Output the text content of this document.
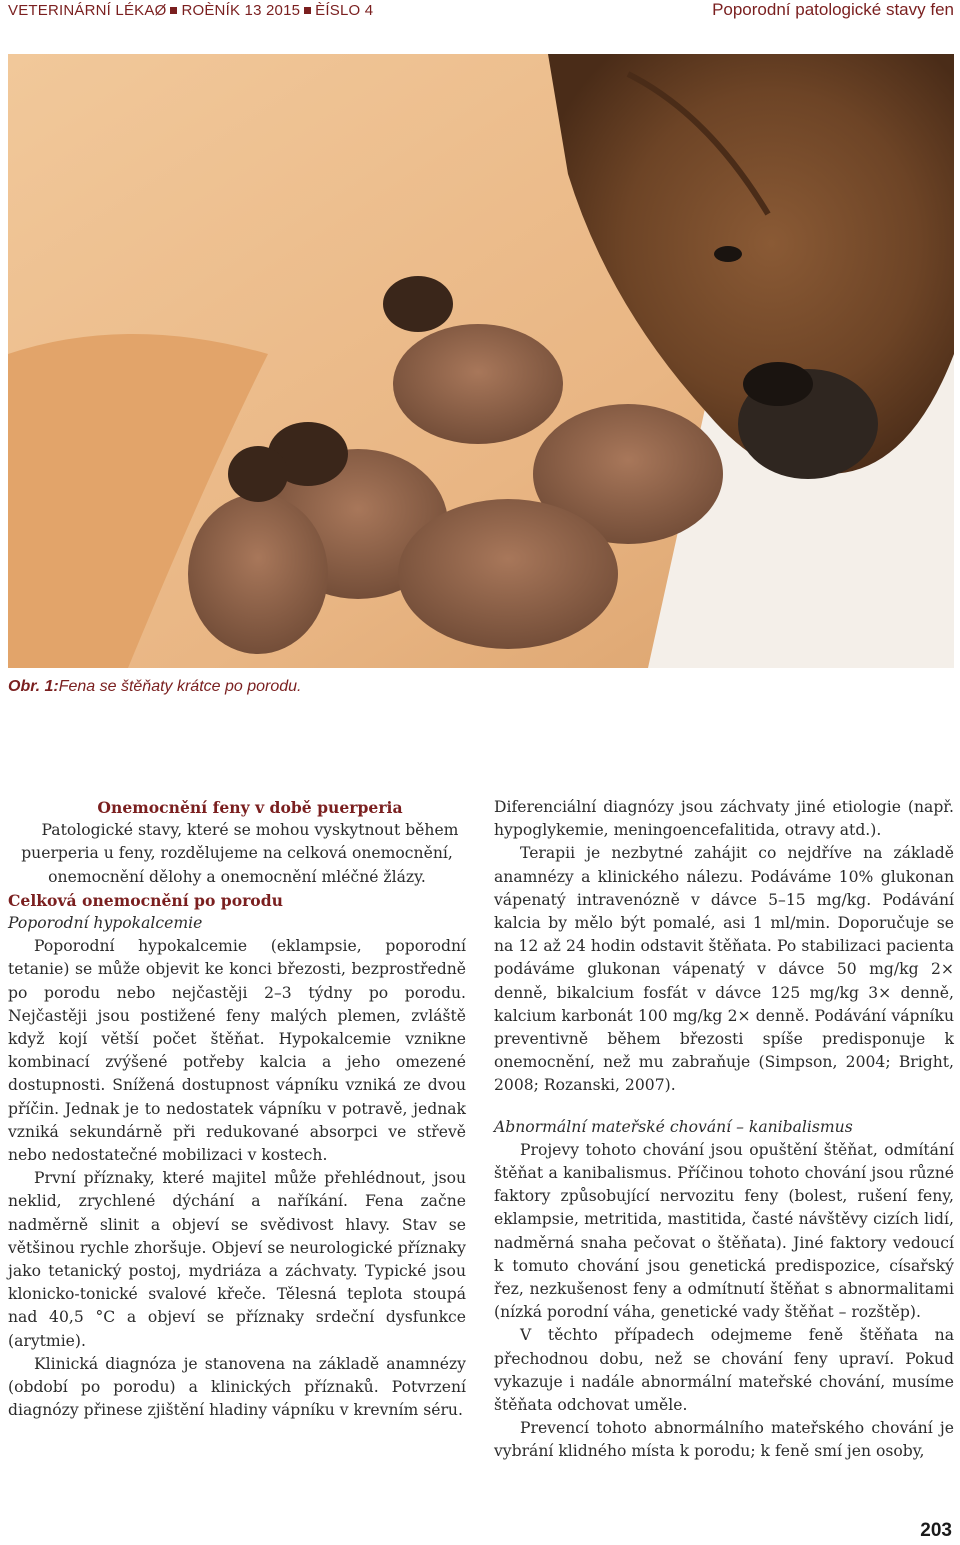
VETERINÁRNÍ LÉKAØ ROÈNÍK 13 2015 ÈÍSLO 4	Poporodní patologické stavy fen
Obr. 1:Fena se štěňaty krátce po porodu.

Onemocnění feny v době puerperia

Patologické stavy, které se mohou vyskytnout během puerperia u feny, rozdělujeme na celková onemocnění, onemocnění dělohy a onemocnění mléčné žlázy.

Celková onemocnění po porodu

Poporodní hypokalcemie

Poporodní hypokalcemie (eklampsie, poporodní tetanie) se může objevit ke konci březosti, bezprostředně po porodu nebo nejčastěji 2–3 týdny po porodu. Nejčastěji jsou postižené feny malých plemen, zvláště když kojí větší počet štěňat. Hypokalcemie vznikne kombinací zvýšené potřeby kalcia a jeho omezené dostupnosti. Snížená dostupnost vápníku vzniká ze dvou příčin. Jednak je to nedostatek vápníku v potravě, jednak vzniká sekundárně při redukované absorpci ve střevě nebo nedostatečné mobilizaci v kostech.

První příznaky, které majitel může přehlédnout, jsou neklid, zrychlené dýchání a naříkání. Fena začne nadměrně slinit a objeví se svědivost hlavy. Stav se většinou rychle zhoršuje. Objeví se neurologické příznaky jako tetanický postoj, mydriáza a záchvaty. Typické jsou klonicko-tonické svalové křeče. Tělesná teplota stoupá nad 40,5 °C a objeví se příznaky srdeční dysfunkce (arytmie).

Klinická diagnóza je stanovena na základě anamnézy (období po porodu) a klinických příznaků. Potvrzení diagnózy přinese zjištění hladiny vápníku v krevním séru.

Diferenciální diagnózy jsou záchvaty jiné etiologie (např. hypoglykemie, meningoencefalitida, otravy atd.).

Terapii je nezbytné zahájit co nejdříve na základě anamnézy a klinického nálezu. Podáváme 10% glukonan vápenatý intravenózně v dávce 5–15 mg/kg. Podávání kalcia by mělo být pomalé, asi 1 ml/min. Doporučuje se na 12 až 24 hodin odstavit štěňata. Po stabilizaci pacienta podáváme glukonan vápenatý v dávce 50 mg/kg 2× denně, bikalcium fosfát v dávce 125 mg/kg 3× denně, kalcium karbonát 100 mg/kg 2× denně. Podávání vápníku preventivně během březosti spíše predisponuje k onemocnění, než mu zabraňuje (Simpson, 2004; Bright, 2008; Rozanski, 2007).

Abnormální mateřské chování – kanibalismus

Projevy tohoto chování jsou opuštění štěňat, odmítání štěňat a kanibalismus. Příčinou tohoto chování jsou různé faktory způsobující nervozitu feny (bolest, rušení feny, eklampsie, metritida, mastitida, časté návštěvy cizích lidí, nadměrná snaha pečovat o štěňata). Jiné faktory vedoucí k tomuto chování jsou genetická predispozice, císařský řez, nezkušenost feny a odmítnutí štěňat s abnormalitami (nízká porodní váha, genetické vady štěňat – rozštěp).

V těchto případech odejmeme feně štěňata na přechodnou dobu, než se chování feny upraví. Pokud vykazuje i nadále abnormální mateřské chování, musíme štěňata odchovat uměle.

Prevencí tohoto abnormálního mateřského chování je vybrání klidného místa k porodu; k feně smí jen osoby,

203
